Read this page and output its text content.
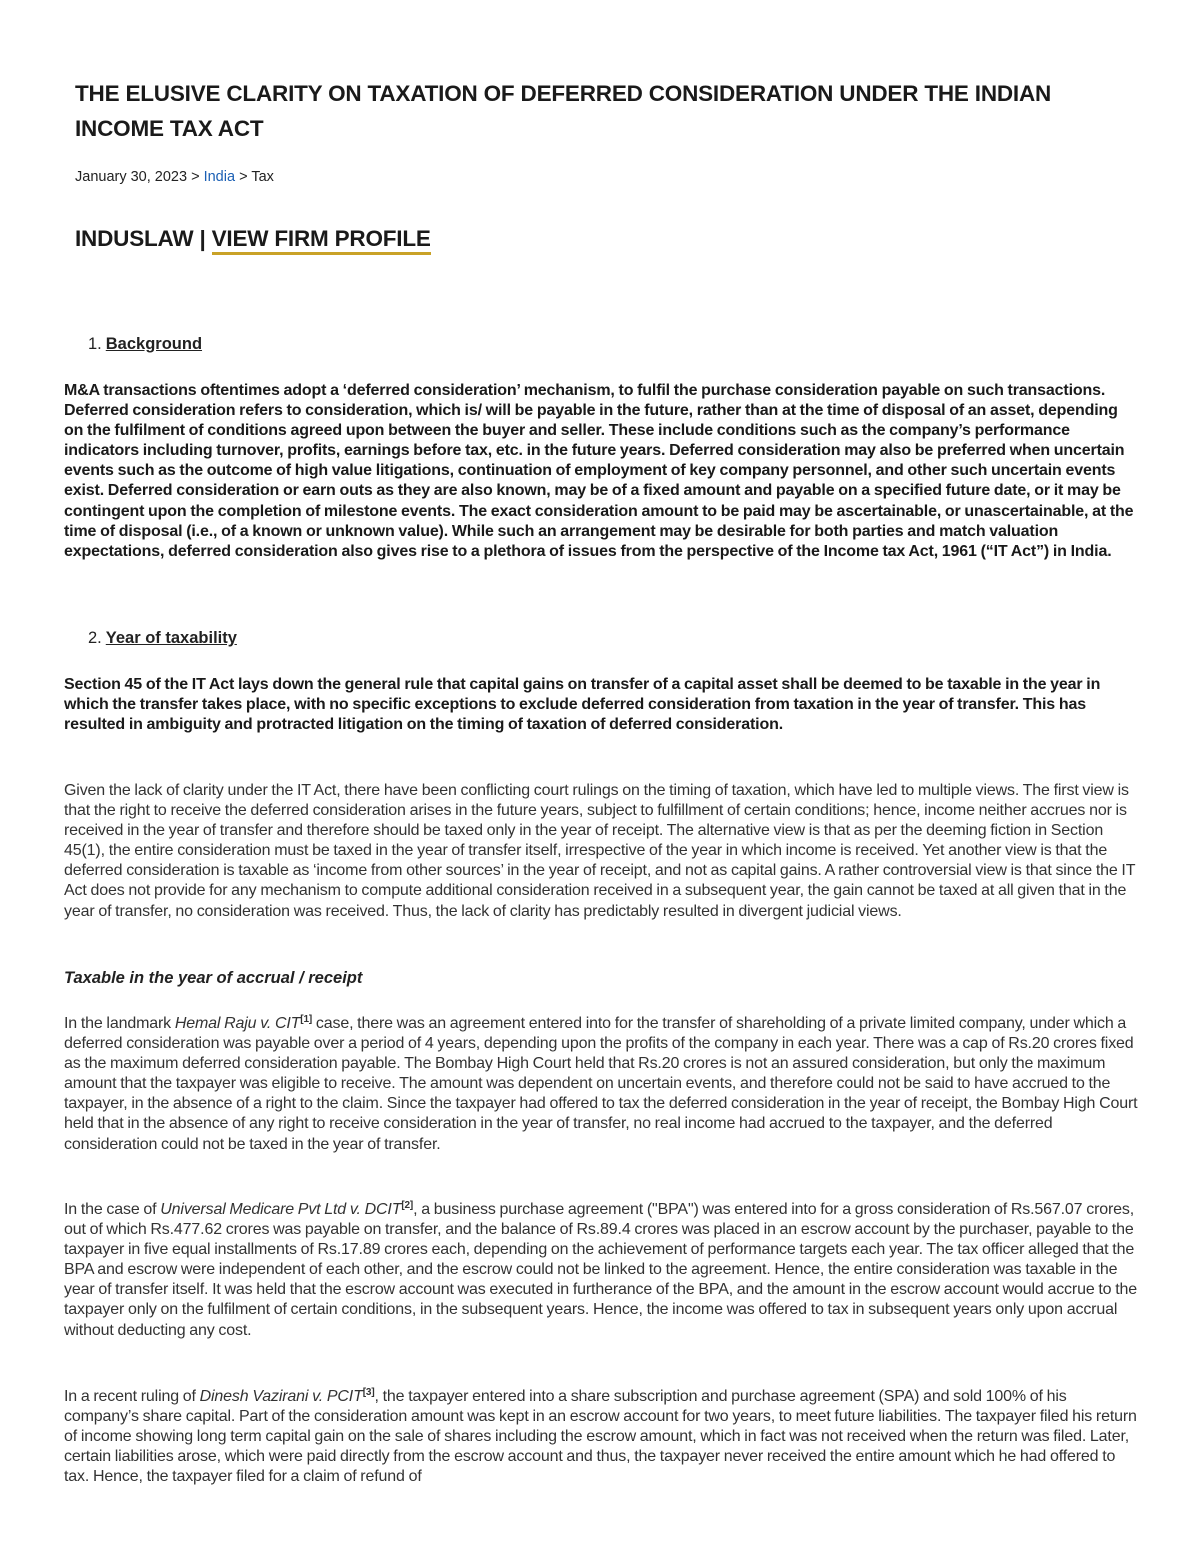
THE ELUSIVE CLARITY ON TAXATION OF DEFERRED CONSIDERATION UNDER THE INDIAN INCOME TAX ACT
January 30, 2023 > India > Tax
INDUSLAW | VIEW FIRM PROFILE
1. Background

M&A transactions oftentimes adopt a ‘deferred consideration’ mechanism, to fulfil the purchase consideration payable on such transactions. Deferred consideration refers to consideration, which is/ will be payable in the future, rather than at the time of disposal of an asset, depending on the fulfilment of conditions agreed upon between the buyer and seller. These include conditions such as the company’s performance indicators including turnover, profits, earnings before tax, etc. in the future years. Deferred consideration may also be preferred when uncertain events such as the outcome of high value litigations, continuation of employment of key company personnel, and other such uncertain events exist. Deferred consideration or earn outs as they are also known, may be of a fixed amount and payable on a specified future date, or it may be contingent upon the completion of milestone events. The exact consideration amount to be paid may be ascertainable, or unascertainable, at the time of disposal (i.e., of a known or unknown value). While such an arrangement may be desirable for both parties and match valuation expectations, deferred consideration also gives rise to a plethora of issues from the perspective of the Income tax Act, 1961 (“IT Act”) in India.

2. Year of taxability

Section 45 of the IT Act lays down the general rule that capital gains on transfer of a capital asset shall be deemed to be taxable in the year in which the transfer takes place, with no specific exceptions to exclude deferred consideration from taxation in the year of transfer. This has resulted in ambiguity and protracted litigation on the timing of taxation of deferred consideration.

Given the lack of clarity under the IT Act, there have been conflicting court rulings on the timing of taxation, which have led to multiple views. The first view is that the right to receive the deferred consideration arises in the future years, subject to fulfillment of certain conditions; hence, income neither accrues nor is received in the year of transfer and therefore should be taxed only in the year of receipt. The alternative view is that as per the deeming fiction in Section 45(1), the entire consideration must be taxed in the year of transfer itself, irrespective of the year in which income is received. Yet another view is that the deferred consideration is taxable as ‘income from other sources’ in the year of receipt, and not as capital gains. A rather controversial view is that since the IT Act does not provide for any mechanism to compute additional consideration received in a subsequent year, the gain cannot be taxed at all given that in the year of transfer, no consideration was received. Thus, the lack of clarity has predictably resulted in divergent judicial views.

Taxable in the year of accrual / receipt

In the landmark Hemal Raju v. CIT[1] case, there was an agreement entered into for the transfer of shareholding of a private limited company, under which a deferred consideration was payable over a period of 4 years, depending upon the profits of the company in each year. There was a cap of Rs.20 crores fixed as the maximum deferred consideration payable. The Bombay High Court held that Rs.20 crores is not an assured consideration, but only the maximum amount that the taxpayer was eligible to receive. The amount was dependent on uncertain events, and therefore could not be said to have accrued to the taxpayer, in the absence of a right to the claim. Since the taxpayer had offered to tax the deferred consideration in the year of receipt, the Bombay High Court held that in the absence of any right to receive consideration in the year of transfer, no real income had accrued to the taxpayer, and the deferred consideration could not be taxed in the year of transfer.

In the case of Universal Medicare Pvt Ltd v. DCIT[2], a business purchase agreement ("BPA") was entered into for a gross consideration of Rs.567.07 crores, out of which Rs.477.62 crores was payable on transfer, and the balance of Rs.89.4 crores was placed in an escrow account by the purchaser, payable to the taxpayer in five equal installments of Rs.17.89 crores each, depending on the achievement of performance targets each year. The tax officer alleged that the BPA and escrow were independent of each other, and the escrow could not be linked to the agreement. Hence, the entire consideration was taxable in the year of transfer itself. It was held that the escrow account was executed in furtherance of the BPA, and the amount in the escrow account would accrue to the taxpayer only on the fulfilment of certain conditions, in the subsequent years. Hence, the income was offered to tax in subsequent years only upon accrual without deducting any cost.

In a recent ruling of Dinesh Vazirani v. PCIT[3], the taxpayer entered into a share subscription and purchase agreement (SPA) and sold 100% of his company’s share capital. Part of the consideration amount was kept in an escrow account for two years, to meet future liabilities. The taxpayer filed his return of income showing long term capital gain on the sale of shares including the escrow amount, which in fact was not received when the return was filed. Later, certain liabilities arose, which were paid directly from the escrow account and thus, the taxpayer never received the entire amount which he had offered to tax. Hence, the taxpayer filed for a claim of refund of
